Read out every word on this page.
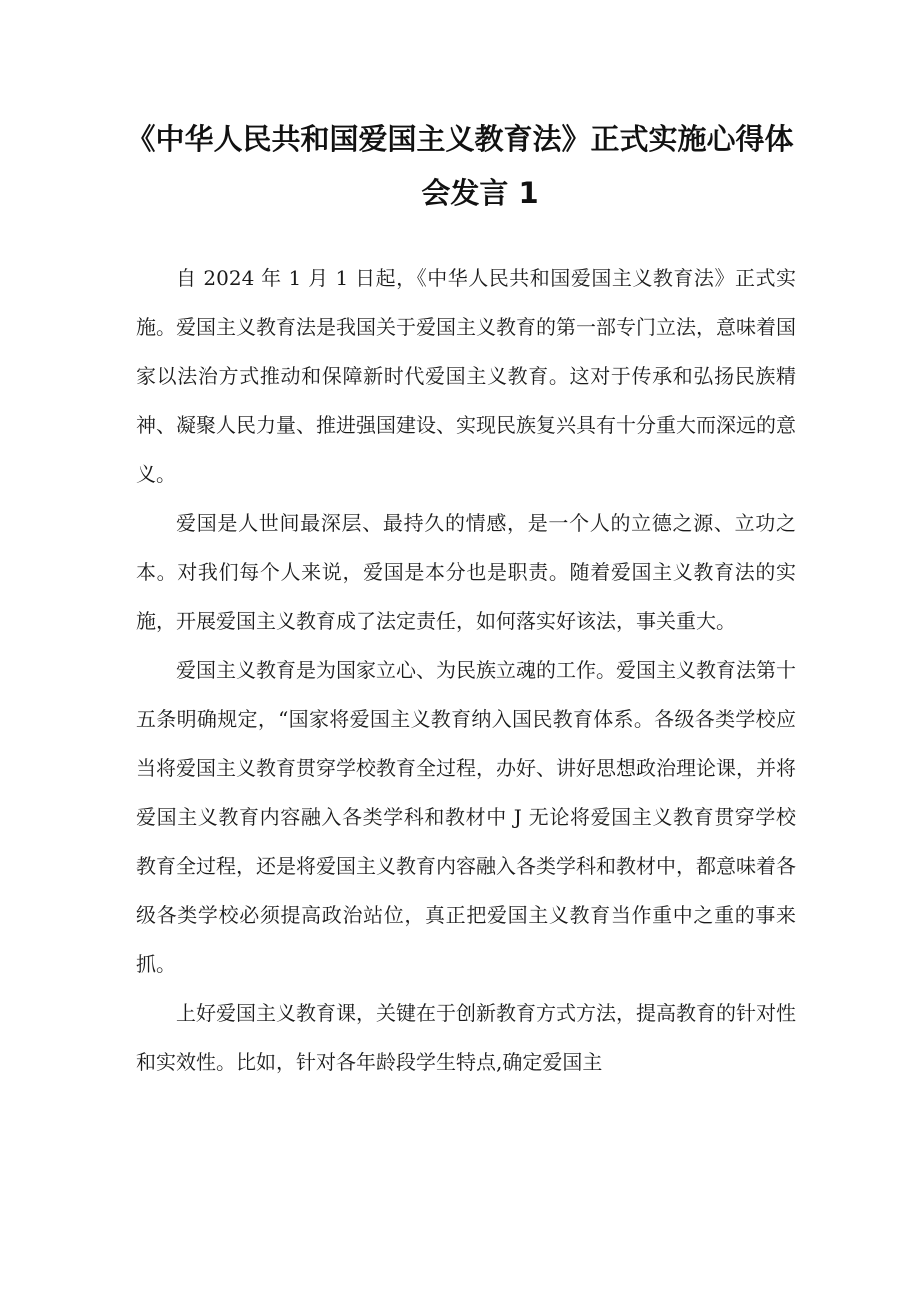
《中华人民共和国爱国主义教育法》正式实施心得体
会发言 1

自 2024 年 1 月 1 日起，《中华人民共和国爱国主义教育法》正式实施。爱国主义教育法是我国关于爱国主义教育的第一部专门立法，意味着国家以法治方式推动和保障新时代爱国主义教育。这对于传承和弘扬民族精神、凝聚人民力量、推进强国建设、实现民族复兴具有十分重大而深远的意义。

爱国是人世间最深层、最持久的情感，是一个人的立德之源、立功之本。对我们每个人来说，爱国是本分也是职责。随着爱国主义教育法的实施，开展爱国主义教育成了法定责任，如何落实好该法，事关重大。

爱国主义教育是为国家立心、为民族立魂的工作。爱国主义教育法第十五条明确规定，“国家将爱国主义教育纳入国民教育体系。各级各类学校应当将爱国主义教育贯穿学校教育全过程，办好、讲好思想政治理论课，并将爱国主义教育内容融入各类学科和教材中 J 无论将爱国主义教育贯穿学校教育全过程，还是将爱国主义教育内容融入各类学科和教材中，都意味着各级各类学校必须提高政治站位，真正把爱国主义教育当作重中之重的事来抓。

上好爱国主义教育课，关键在于创新教育方式方法，提高教育的针对性和实效性。比如，针对各年龄段学生特点,确定爱国主
